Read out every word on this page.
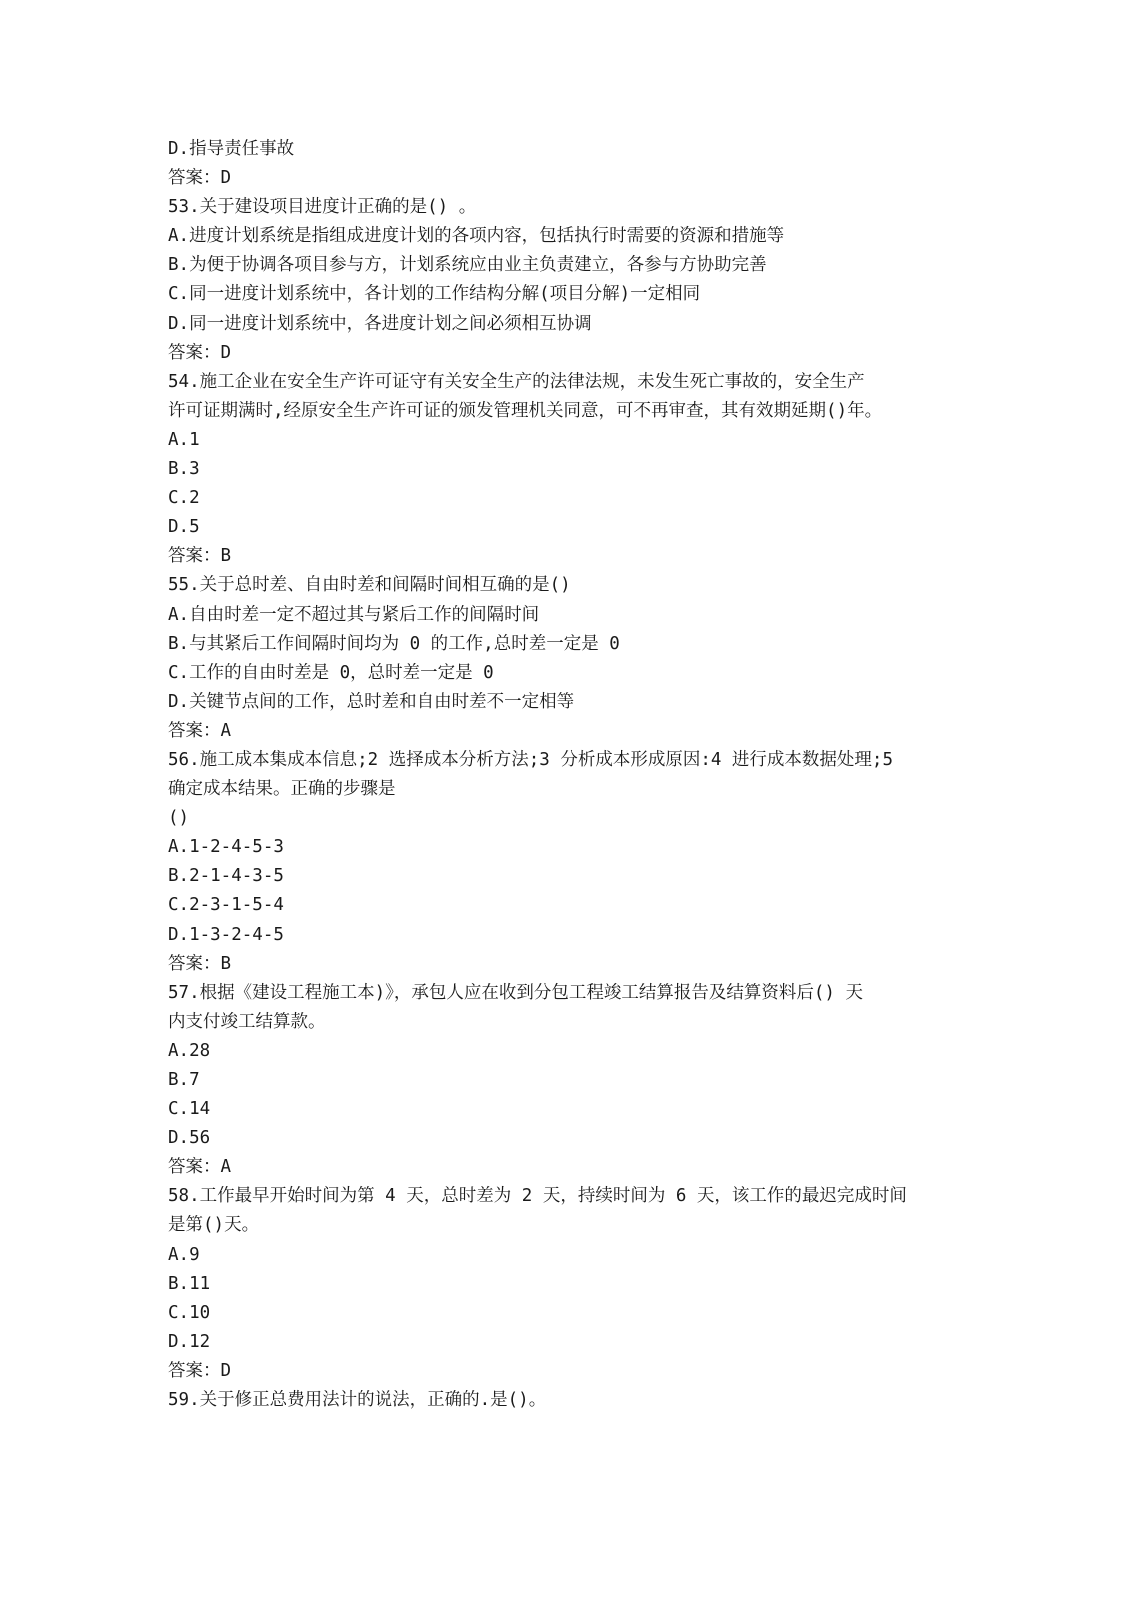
D.指导责任事故
答案：D
53.关于建设项目进度计正确的是() 。
A.进度计划系统是指组成进度计划的各项内容，包括执行时需要的资源和措施等
B.为便于协调各项目参与方，计划系统应由业主负责建立，各参与方协助完善
C.同一进度计划系统中，各计划的工作结构分解(项目分解)一定相同
D.同一进度计划系统中，各进度计划之间必须相互协调
答案：D
54.施工企业在安全生产许可证守有关安全生产的法律法规，未发生死亡事故的，安全生产
许可证期满时,经原安全生产许可证的颁发管理机关同意，可不再审查，其有效期延期()年。
A.1
B.3
C.2
D.5
答案：B
55.关于总时差、自由时差和间隔时间相互确的是()
A.自由时差一定不超过其与紧后工作的间隔时间
B.与其紧后工作间隔时间均为 0 的工作,总时差一定是 0
C.工作的自由时差是 0，总时差一定是 0
D.关键节点间的工作，总时差和自由时差不一定相等
答案：A
56.施工成本集成本信息;2 选择成本分析方法;3 分析成本形成原因:4 进行成本数据处理;5
确定成本结果。正确的步骤是
()
A.1-2-4-5-3
B.2-1-4-3-5
C.2-3-1-5-4
D.1-3-2-4-5
答案：B
57.根据《建设工程施工本)》，承包人应在收到分包工程竣工结算报告及结算资料后() 天
内支付竣工结算款。
A.28
B.7
C.14
D.56
答案：A
58.工作最早开始时间为第 4 天，总时差为 2 天，持续时间为 6 天，该工作的最迟完成时间
是第()天。
A.9
B.11
C.10
D.12
答案：D
59.关于修正总费用法计的说法，正确的.是()。
